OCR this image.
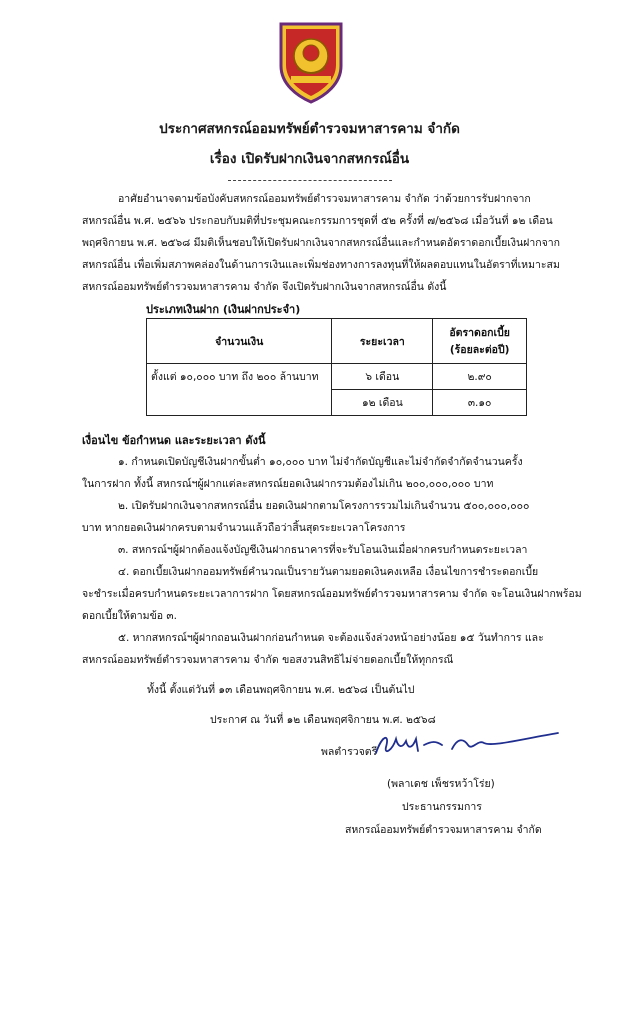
ประกาศสหกรณ์ออมทรัพย์ตำรวจมหาสารคาม จำกัด
เรื่อง เปิดรับฝากเงินจากสหกรณ์อื่น
อาศัยอำนาจตามข้อบังคับสหกรณ์ออมทรัพย์ตำรวจมหาสารคาม จำกัด ว่าด้วยการรับฝากจาก
สหกรณ์อื่น พ.ศ. ๒๕๖๖ ประกอบกับมติที่ประชุมคณะกรรมการชุดที่ ๕๒ ครั้งที่ ๗/๒๕๖๘ เมื่อวันที่ ๑๒ เดือน
พฤศจิกายน พ.ศ. ๒๕๖๘ มีมติเห็นชอบให้เปิดรับฝากเงินจากสหกรณ์อื่นและกำหนดอัตราดอกเบี้ยเงินฝากจาก
สหกรณ์อื่น เพื่อเพิ่มสภาพคล่องในด้านการเงินและเพิ่มช่องทางการลงทุนที่ให้ผลตอบแทนในอัตราที่เหมาะสม
สหกรณ์ออมทรัพย์ตำรวจมหาสารคาม จำกัด จึงเปิดรับฝากเงินจากสหกรณ์อื่น ดังนี้
ประเภทเงินฝาก (เงินฝากประจำ)
จำนวนเงิน	ระยะเวลา	อัตราดอกเบี้ย
(ร้อยละต่อปี)

ตั้งแต่ ๑๐,๐๐๐ บาท ถึง ๒๐๐ ล้านบาท	๖ เดือน	๒.๙๐
	๑๒ เดือน	๓.๑๐
เงื่อนไข ข้อกำหนด และระยะเวลา ดังนี้
๑. กำหนดเปิดบัญชีเงินฝากขั้นต่ำ ๑๐,๐๐๐ บาท ไม่จำกัดบัญชีและไม่จำกัดจำกัดจำนวนครั้ง
ในการฝาก ทั้งนี้ สหกรณ์ฯผู้ฝากแต่ละสหกรณ์ยอดเงินฝากรวมต้องไม่เกิน ๒๐๐,๐๐๐,๐๐๐ บาท
๒. เปิดรับฝากเงินจากสหกรณ์อื่น ยอดเงินฝากตามโครงการรวมไม่เกินจำนวน ๕๐๐,๐๐๐,๐๐๐
บาท หากยอดเงินฝากครบตามจำนวนแล้วถือว่าสิ้นสุดระยะเวลาโครงการ
๓. สหกรณ์ฯผู้ฝากต้องแจ้งบัญชีเงินฝากธนาคารที่จะรับโอนเงินเมื่อฝากครบกำหนดระยะเวลา
๔. ดอกเบี้ยเงินฝากออมทรัพย์คำนวณเป็นรายวันตามยอดเงินคงเหลือ เงื่อนไขการชำระดอกเบี้ย
จะชำระเมื่อครบกำหนดระยะเวลาการฝาก โดยสหกรณ์ออมทรัพย์ตำรวจมหาสารคาม จำกัด จะโอนเงินฝากพร้อม
ดอกเบี้ยให้ตามข้อ ๓.
๕. หากสหกรณ์ฯผู้ฝากถอนเงินฝากก่อนกำหนด จะต้องแจ้งล่วงหน้าอย่างน้อย ๑๕ วันทำการ และ
สหกรณ์ออมทรัพย์ตำรวจมหาสารคาม จำกัด ขอสงวนสิทธิไม่จ่ายดอกเบี้ยให้ทุกกรณี
ทั้งนี้ ตั้งแต่วันที่ ๑๓ เดือนพฤศจิกายน พ.ศ. ๒๕๖๘ เป็นต้นไป
ประกาศ ณ วันที่ ๑๒ เดือนพฤศจิกายน พ.ศ. ๒๕๖๘
พลตำรวจตรี
(พลาเดช เพ็ชรหว้าโร่ย)
ประธานกรรมการ
สหกรณ์ออมทรัพย์ตำรวจมหาสารคาม จำกัด
